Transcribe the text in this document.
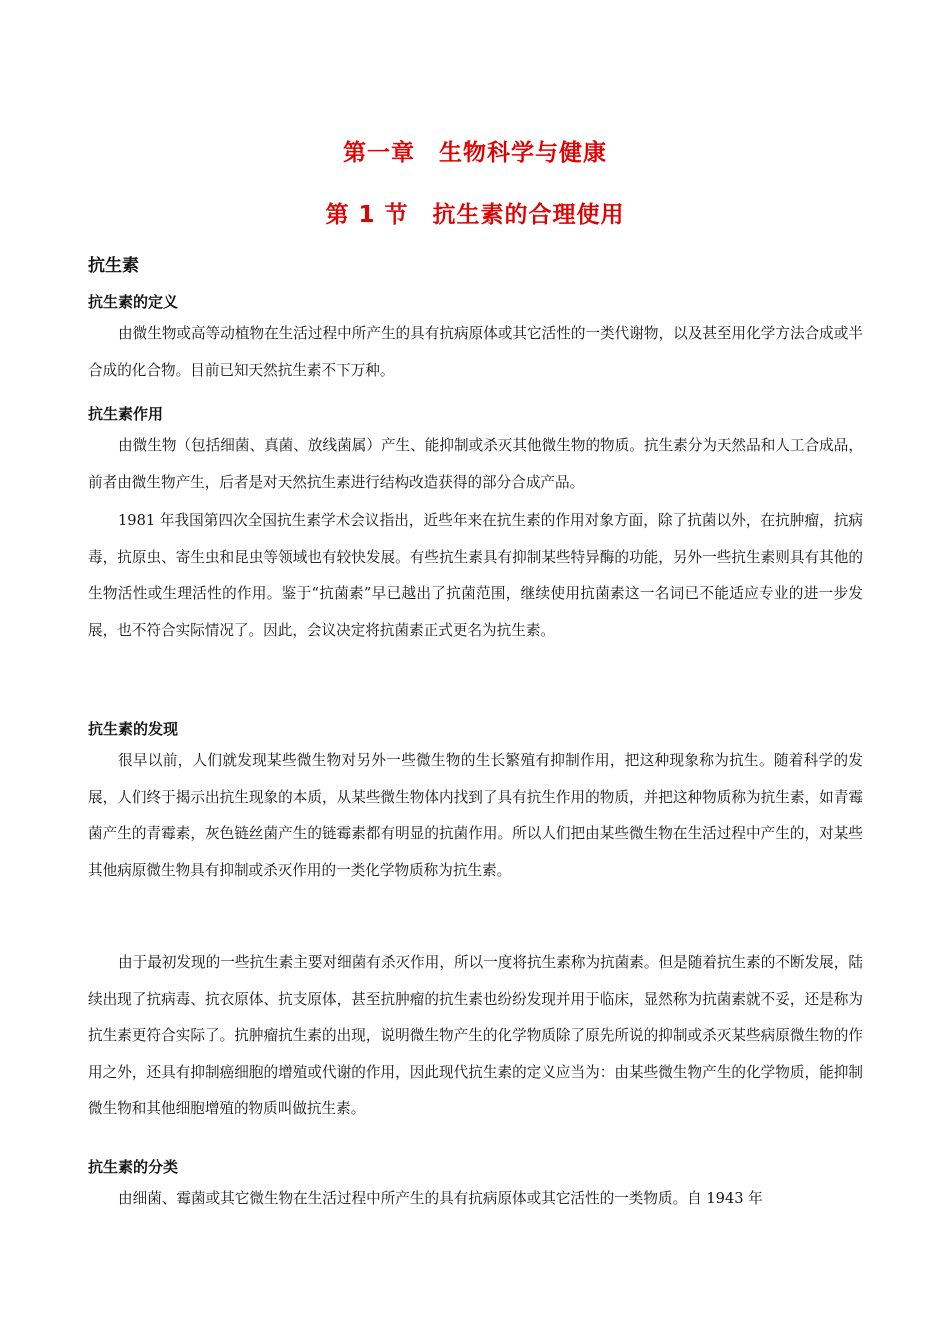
第一章　生物科学与健康
第 1 节　抗生素的合理使用
抗生素
抗生素的定义

由微生物或高等动植物在生活过程中所产生的具有抗病原体或其它活性的一类代谢物，以及甚至用化学方法合成或半合成的化合物。目前已知天然抗生素不下万种。

抗生素作用

由微生物（包括细菌、真菌、放线菌属）产生、能抑制或杀灭其他微生物的物质。抗生素分为天然品和人工合成品，前者由微生物产生，后者是对天然抗生素进行结构改造获得的部分合成产品。

1981 年我国第四次全国抗生素学术会议指出，近些年来在抗生素的作用对象方面，除了抗菌以外，在抗肿瘤，抗病毒，抗原虫、寄生虫和昆虫等领域也有较快发展。有些抗生素具有抑制某些特异酶的功能，另外一些抗生素则具有其他的生物活性或生理活性的作用。鉴于“抗菌素”早已越出了抗菌范围，继续使用抗菌素这一名词已不能适应专业的进一步发展，也不符合实际情况了。因此，会议决定将抗菌素正式更名为抗生素。

抗生素的发现

很早以前，人们就发现某些微生物对另外一些微生物的生长繁殖有抑制作用，把这种现象称为抗生。随着科学的发展，人们终于揭示出抗生现象的本质，从某些微生物体内找到了具有抗生作用的物质，并把这种物质称为抗生素，如青霉菌产生的青霉素，灰色链丝菌产生的链霉素都有明显的抗菌作用。所以人们把由某些微生物在生活过程中产生的，对某些其他病原微生物具有抑制或杀灭作用的一类化学物质称为抗生素。

由于最初发现的一些抗生素主要对细菌有杀灭作用，所以一度将抗生素称为抗菌素。但是随着抗生素的不断发展，陆续出现了抗病毒、抗衣原体、抗支原体，甚至抗肿瘤的抗生素也纷纷发现并用于临床，显然称为抗菌素就不妥，还是称为抗生素更符合实际了。抗肿瘤抗生素的出现，说明微生物产生的化学物质除了原先所说的抑制或杀灭某些病原微生物的作用之外，还具有抑制癌细胞的增殖或代谢的作用，因此现代抗生素的定义应当为：由某些微生物产生的化学物质，能抑制微生物和其他细胞增殖的物质叫做抗生素。

抗生素的分类

由细菌、霉菌或其它微生物在生活过程中所产生的具有抗病原体或其它活性的一类物质。自 1943 年
